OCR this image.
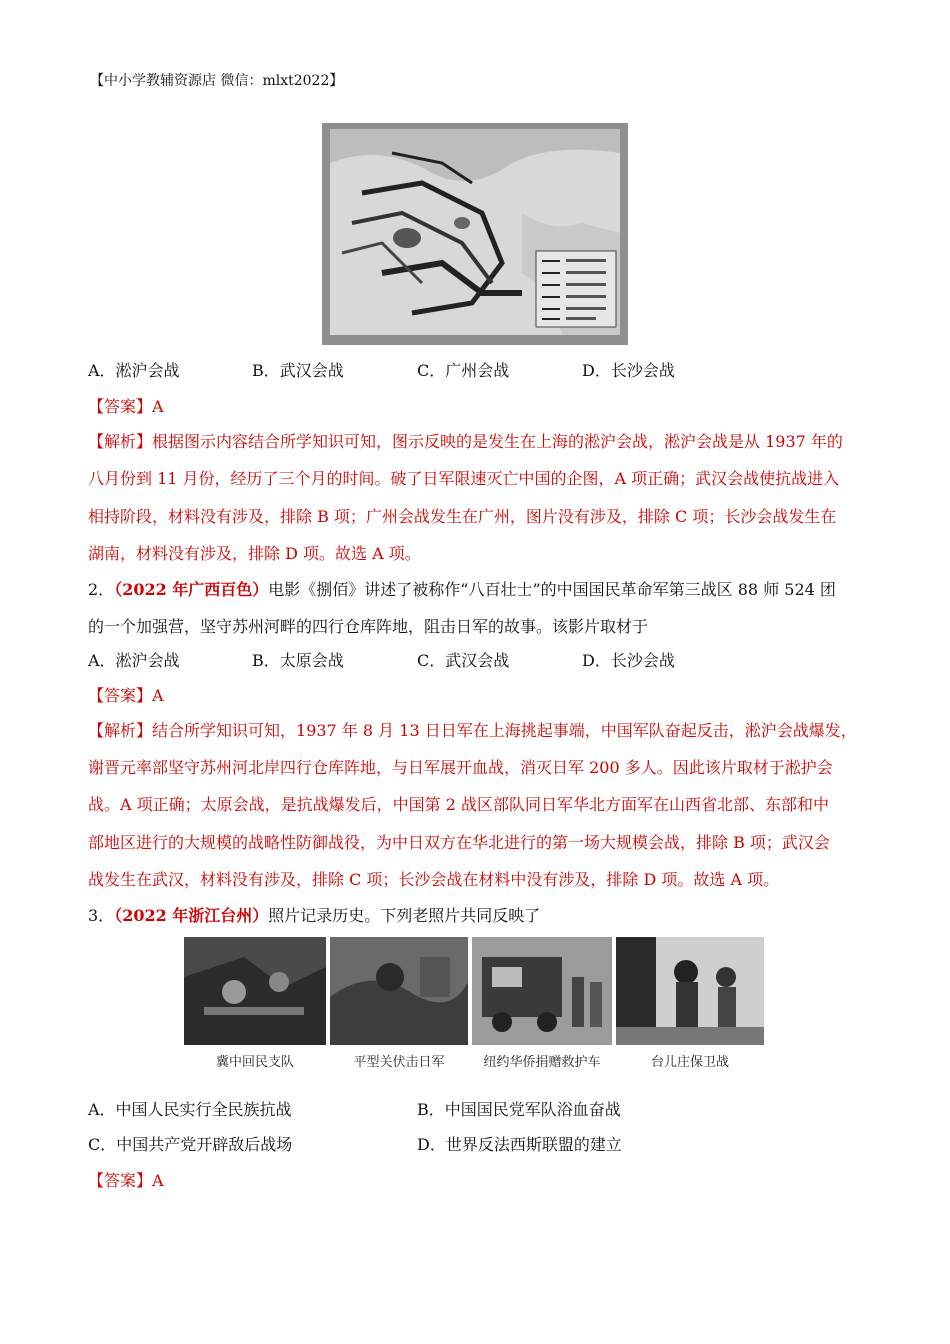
【中小学教辅资源店 微信：mlxt2022】
A．淞沪会战	B．武汉会战	C．广州会战	D．长沙会战
【答案】A
【解析】根据图示内容结合所学知识可知，图示反映的是发生在上海的淞沪会战，淞沪会战是从 1937 年的
八月份到 11 月份，经历了三个月的时间。破了日军限速灭亡中国的企图，A 项正确；武汉会战使抗战进入
相持阶段，材料没有涉及，排除 B 项；广州会战发生在广州，图片没有涉及，排除 C 项；长沙会战发生在
湖南，材料没有涉及，排除 D 项。故选 A 项。
2．（2022 年广西百色）电影《捌佰》讲述了被称作“八百壮士”的中国国民革命军第三战区 88 师 524 团
的一个加强营，坚守苏州河畔的四行仓库阵地，阻击日军的故事。该影片取材于
A．淞沪会战	B．太原会战	C．武汉会战	D．长沙会战
【答案】A
【解析】结合所学知识可知，1937 年 8 月 13 日日军在上海挑起事端，中国军队奋起反击，淞沪会战爆发，
谢晋元率部坚守苏州河北岸四行仓库阵地，与日军展开血战，消灭日军 200 多人。因此该片取材于淞护会
战。A 项正确；太原会战，是抗战爆发后，中国第 2 战区部队同日军华北方面军在山西省北部、东部和中
部地区进行的大规模的战略性防御战役，为中日双方在华北进行的第一场大规模会战，排除 B 项；武汉会
战发生在武汉，材料没有涉及，排除 C 项；长沙会战在材料中没有涉及，排除 D 项。故选 A 项。
3．（2022 年浙江台州）照片记录历史。下列老照片共同反映了
冀中回民支队	平型关伏击日军	纽约华侨捐赠救护车	台儿庄保卫战
A．中国人民实行全民族抗战	B．中国国民党军队浴血奋战
C．中国共产党开辟敌后战场	D．世界反法西斯联盟的建立
【答案】A
